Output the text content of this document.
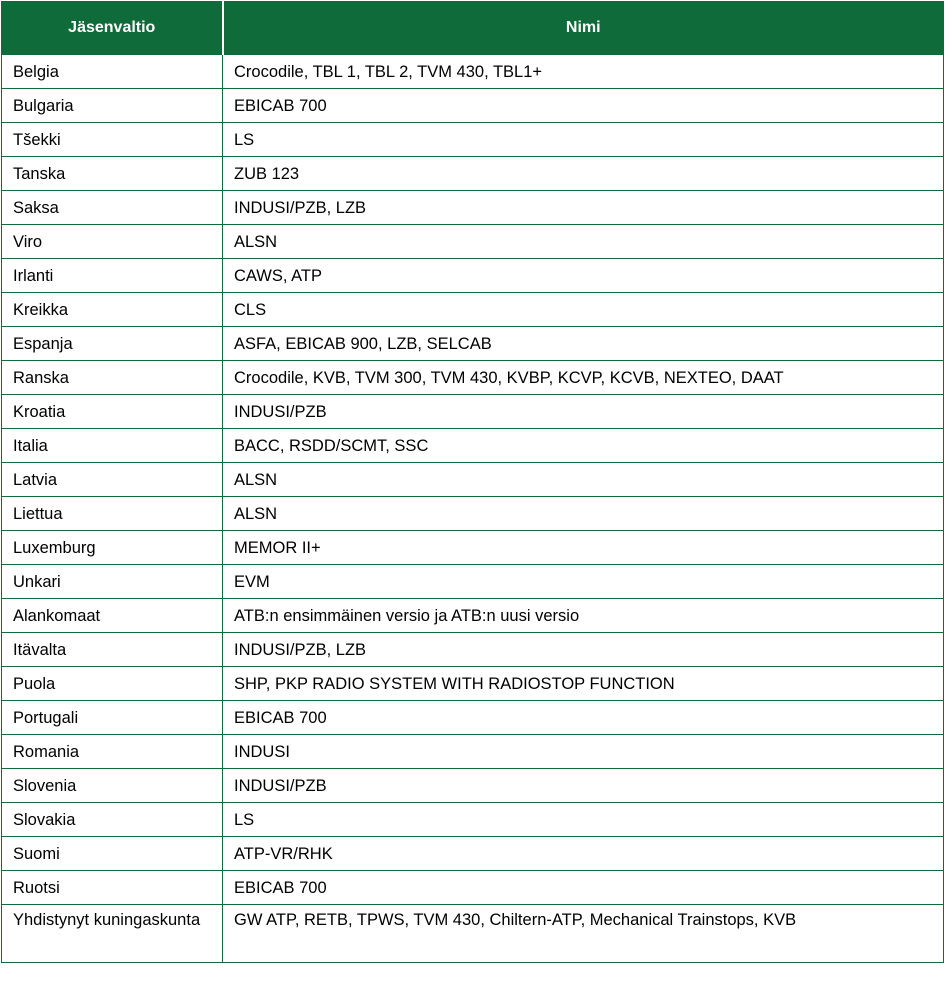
Jäsenvaltio	Nimi
Belgia	Crocodile, TBL 1, TBL 2, TVM 430, TBL1+
Bulgaria	EBICAB 700
Tšekki	LS
Tanska	ZUB 123
Saksa	INDUSI/PZB, LZB
Viro	ALSN
Irlanti	CAWS, ATP
Kreikka	CLS
Espanja	ASFA, EBICAB 900, LZB, SELCAB
Ranska	Crocodile, KVB, TVM 300, TVM 430, KVBP, KCVP, KCVB, NEXTEO, DAAT
Kroatia	INDUSI/PZB
Italia	BACC, RSDD/SCMT, SSC
Latvia	ALSN
Liettua	ALSN
Luxemburg	MEMOR II+
Unkari	EVM
Alankomaat	ATB:n ensimmäinen versio ja ATB:n uusi versio
Itävalta	INDUSI/PZB, LZB
Puola	SHP, PKP RADIO SYSTEM WITH RADIOSTOP FUNCTION
Portugali	EBICAB 700
Romania	INDUSI
Slovenia	INDUSI/PZB
Slovakia	LS
Suomi	ATP-VR/RHK
Ruotsi	EBICAB 700
Yhdistynyt kuningaskunta	GW ATP, RETB, TPWS, TVM 430, Chiltern-ATP, Mechanical Trainstops, KVB
